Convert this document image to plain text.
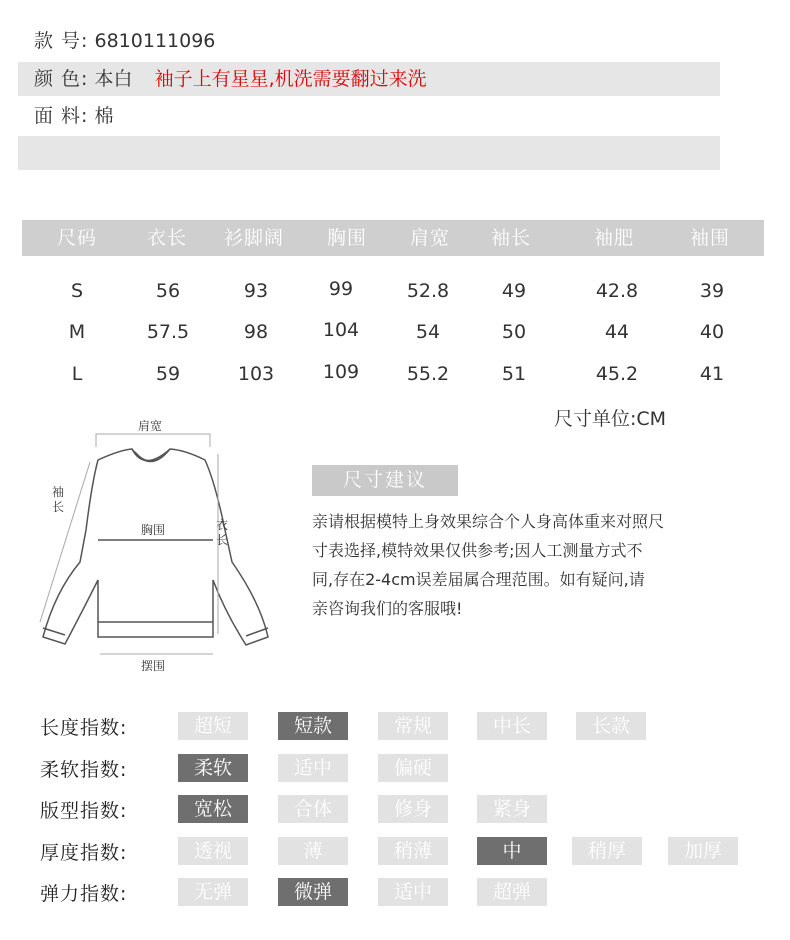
款 号: 6810111096
颜 色: 本白 袖子上有星星,机洗需要翻过来洗
面 料: 棉
尺码	衣长	衫脚阔	胸围	肩宽	袖长	袖肥	袖围
S	56	93	99	52.8	49	42.8	39
M	57.5	98	104	54	50	44	40
L	59	103	109	55.2	51	45.2	41
尺寸单位:CM
肩宽
袖
长
胸围	衣
长
摆围
尺寸建议
亲请根据模特上身效果综合个人身高体重来对照尺
寸表选择,模特效果仅供参考;因人工测量方式不
同,存在2-4cm误差届属合理范围。如有疑问,请
亲咨询我们的客服哦!
长度指数:	超短	短款	常规	中长	长款
柔软指数:	柔软	适中	偏硬
版型指数:	宽松	合体	修身	紧身
厚度指数:	透视	薄	稍薄	中	稍厚	加厚
弹力指数:	无弹	微弹	适中	超弹
